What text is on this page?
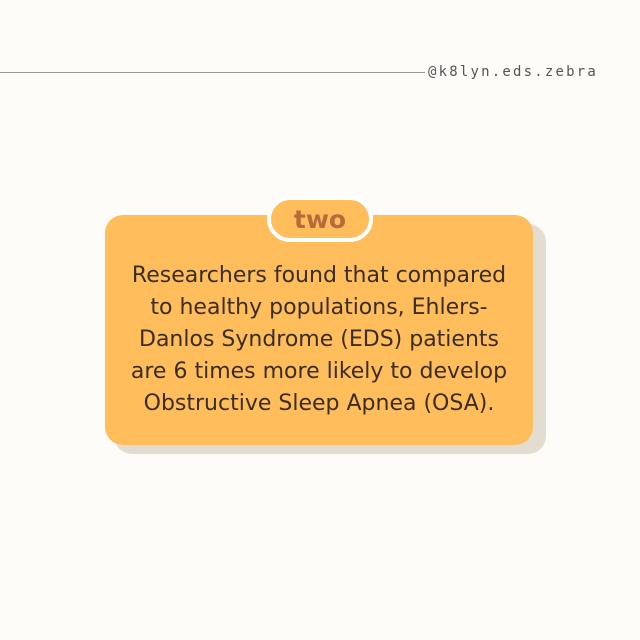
@k8lyn.eds.zebra

Researchers found that compared
to healthy populations, Ehlers-
Danlos Syndrome (EDS) patients
are 6 times more likely to develop
Obstructive Sleep Apnea (OSA).

two
